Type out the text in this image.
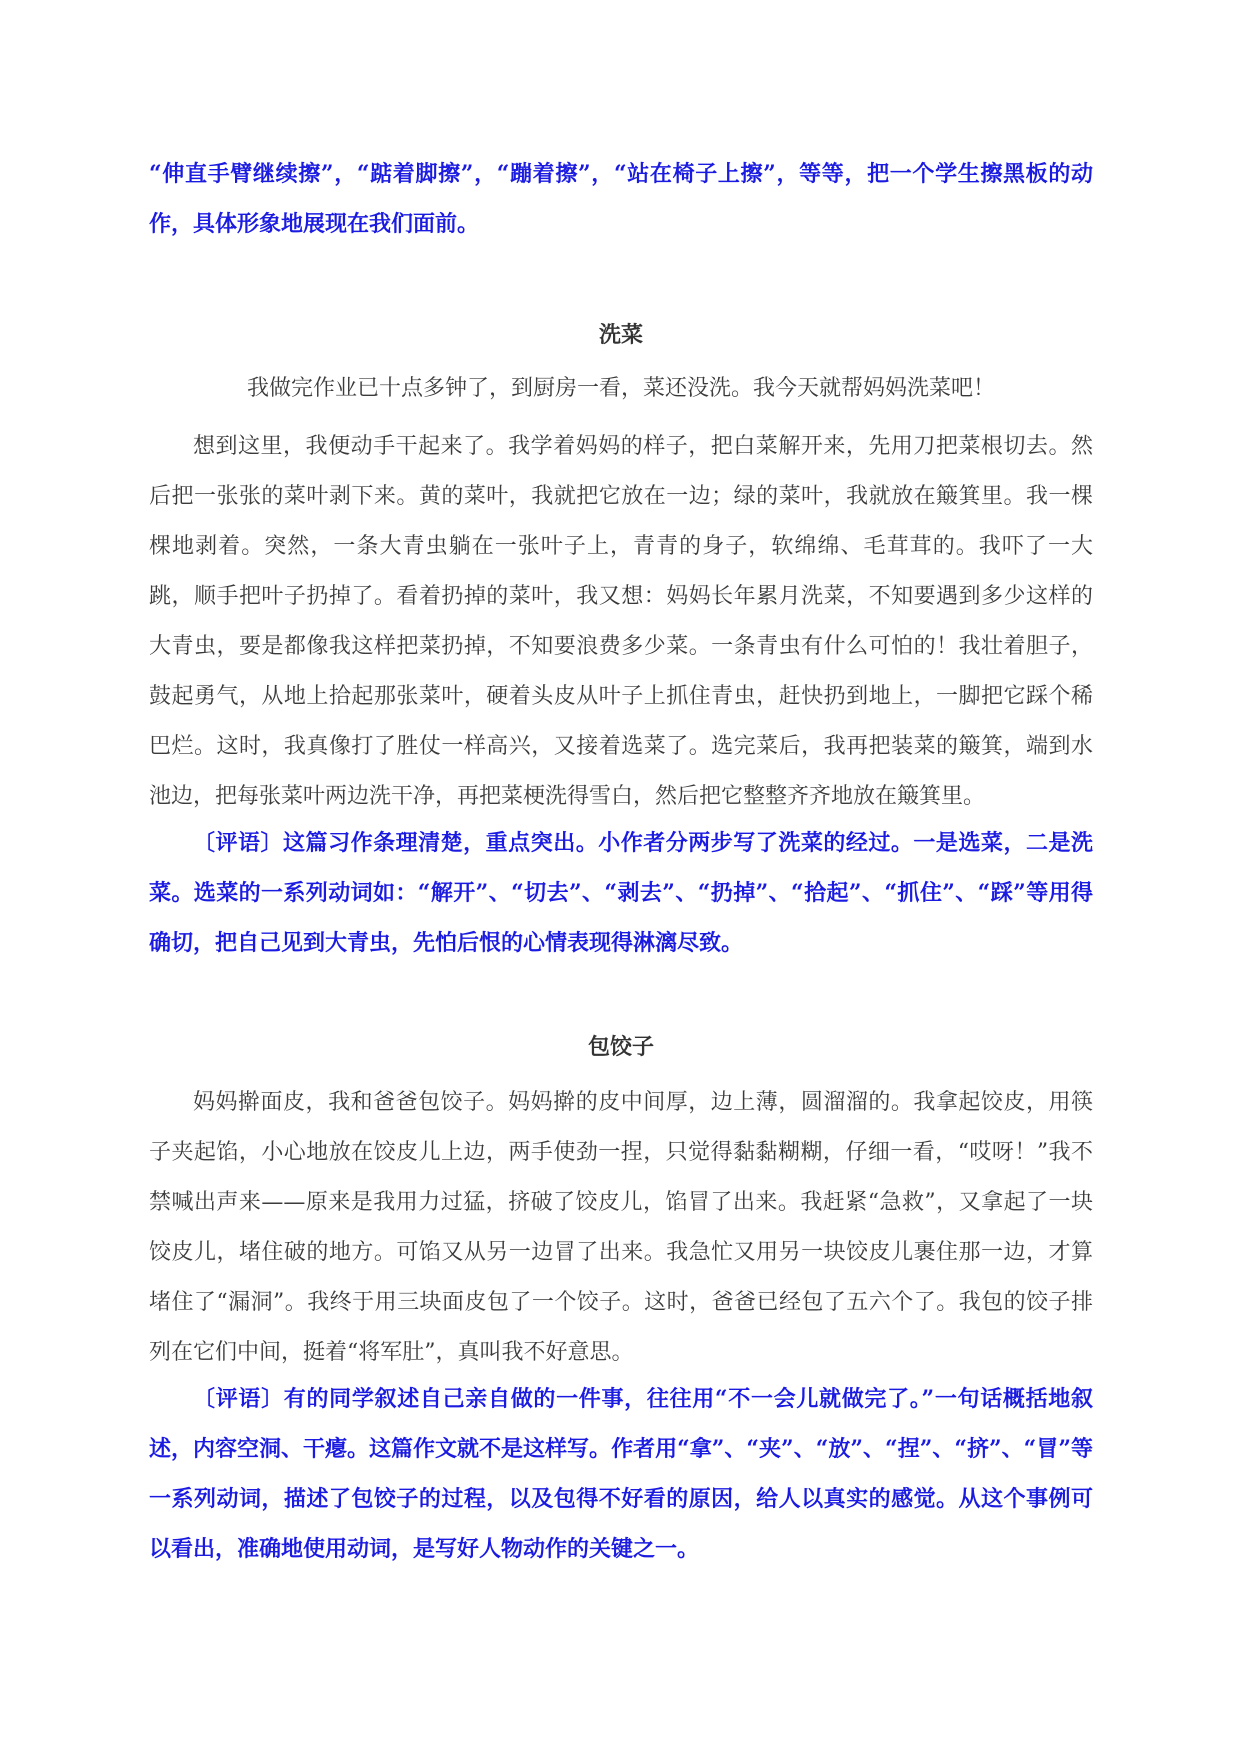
“伸直手臂继续擦”，“踮着脚擦”，“蹦着擦”，“站在椅子上擦”，等等，把一个学生擦黑板的动作，具体形象地展现在我们面前。

洗菜

我做完作业已十点多钟了，到厨房一看，菜还没洗。我今天就帮妈妈洗菜吧！

想到这里，我便动手干起来了。我学着妈妈的样子，把白菜解开来，先用刀把菜根切去。然后把一张张的菜叶剥下来。黄的菜叶，我就把它放在一边；绿的菜叶，我就放在簸箕里。我一棵棵地剥着。突然，一条大青虫躺在一张叶子上，青青的身子，软绵绵、毛茸茸的。我吓了一大跳，顺手把叶子扔掉了。看着扔掉的菜叶，我又想：妈妈长年累月洗菜，不知要遇到多少这样的大青虫，要是都像我这样把菜扔掉，不知要浪费多少菜。一条青虫有什么可怕的！我壮着胆子，鼓起勇气，从地上拾起那张菜叶，硬着头皮从叶子上抓住青虫，赶快扔到地上，一脚把它踩个稀巴烂。这时，我真像打了胜仗一样高兴，又接着选菜了。选完菜后，我再把装菜的簸箕，端到水池边，把每张菜叶两边洗干净，再把菜梗洗得雪白，然后把它整整齐齐地放在簸箕里。

〔评语〕这篇习作条理清楚，重点突出。小作者分两步写了洗菜的经过。一是选菜，二是洗菜。选菜的一系列动词如：“解开”、“切去”、“剥去”、“扔掉”、“拾起”、“抓住”、“踩”等用得确切，把自己见到大青虫，先怕后恨的心情表现得淋漓尽致。

包饺子

妈妈擀面皮，我和爸爸包饺子。妈妈擀的皮中间厚，边上薄，圆溜溜的。我拿起饺皮，用筷子夹起馅，小心地放在饺皮儿上边，两手使劲一捏，只觉得黏黏糊糊，仔细一看，“哎呀！”我不禁喊出声来——原来是我用力过猛，挤破了饺皮儿，馅冒了出来。我赶紧“急救”，又拿起了一块饺皮儿，堵住破的地方。可馅又从另一边冒了出来。我急忙又用另一块饺皮儿裹住那一边，才算堵住了“漏洞”。我终于用三块面皮包了一个饺子。这时，爸爸已经包了五六个了。我包的饺子排列在它们中间，挺着“将军肚”，真叫我不好意思。

〔评语〕有的同学叙述自己亲自做的一件事，往往用“不一会儿就做完了。”一句话概括地叙述，内容空洞、干瘪。这篇作文就不是这样写。作者用“拿”、“夹”、“放”、“捏”、“挤”、“冒”等一系列动词，描述了包饺子的过程，以及包得不好看的原因，给人以真实的感觉。从这个事例可以看出，准确地使用动词，是写好人物动作的关键之一。
